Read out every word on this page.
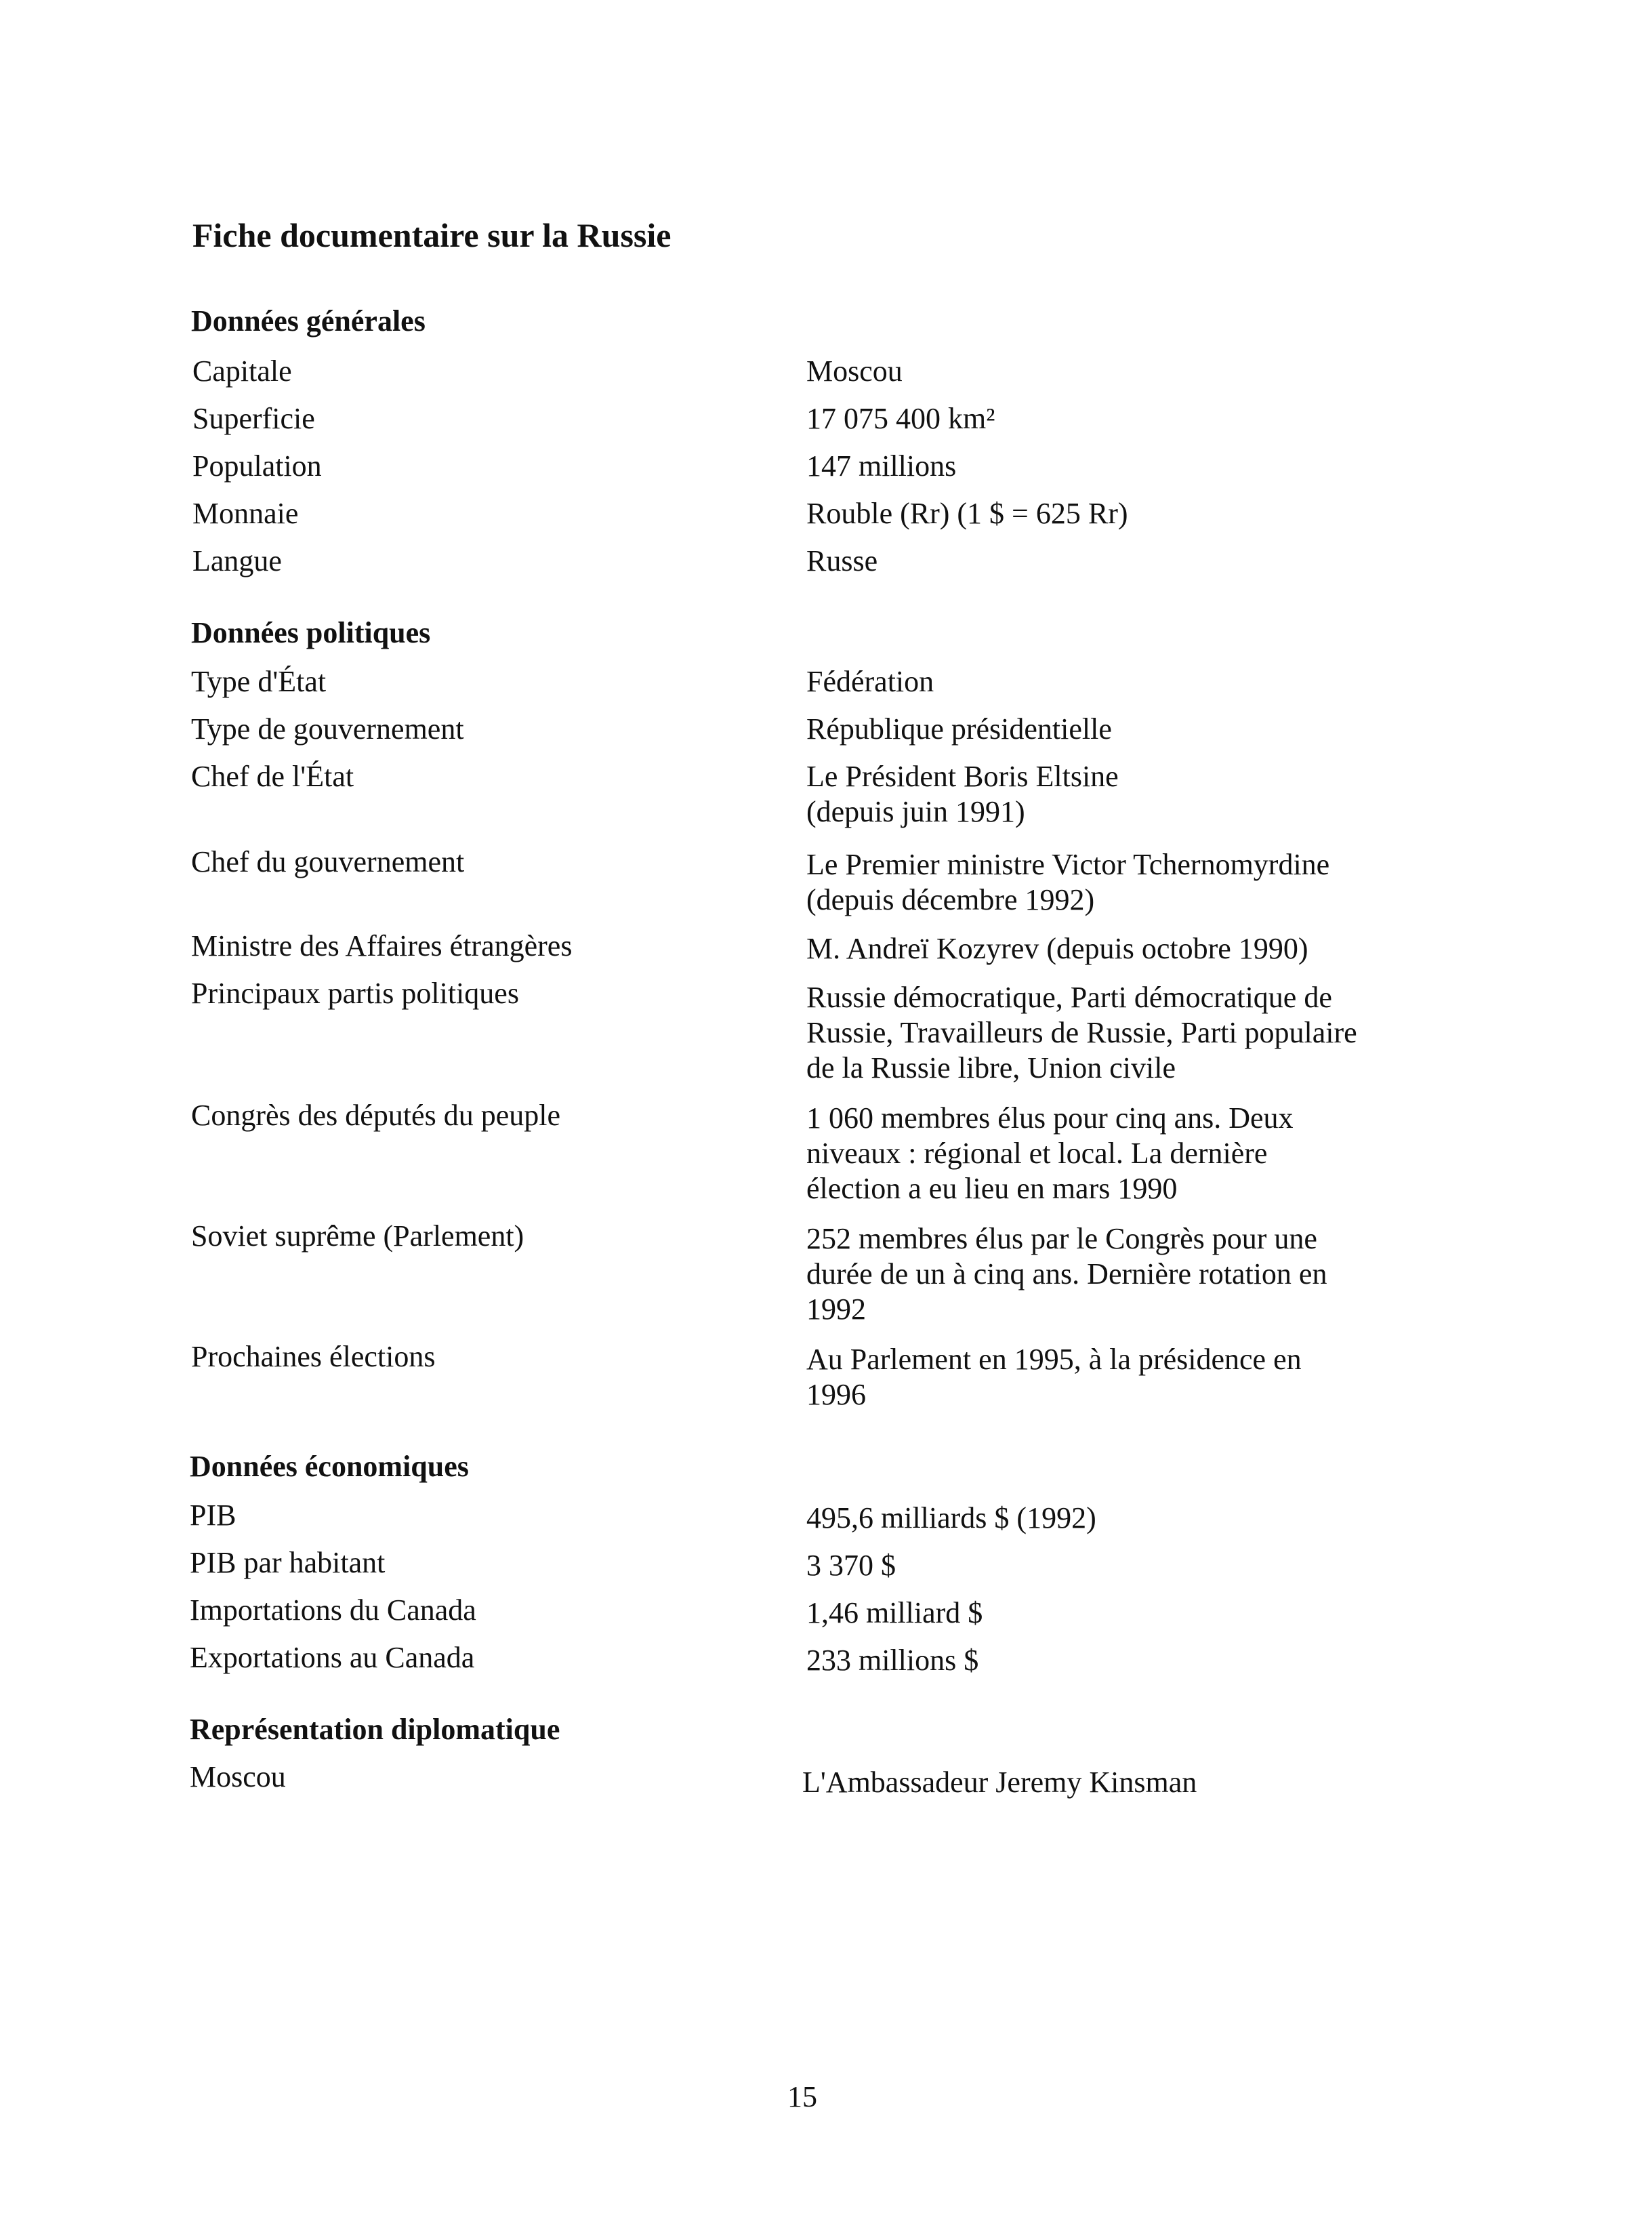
Fiche documentaire sur la Russie
Données générales
Capitale	Moscou
Superficie	17 075 400 km²
Population	147 millions
Monnaie	Rouble (Rr) (1 $ = 625 Rr)
Langue	Russe
Données politiques
Type d'État	Fédération
Type de gouvernement	République présidentielle
Chef de l'État	Le Président Boris Eltsine
(depuis juin 1991)
Chef du gouvernement	Le Premier ministre Victor Tchernomyrdine
(depuis décembre 1992)
Ministre des Affaires étrangères	M. Andreï Kozyrev (depuis octobre 1990)
Principaux partis politiques	Russie démocratique, Parti démocratique de
Russie, Travailleurs de Russie, Parti populaire
de la Russie libre, Union civile
Congrès des députés du peuple	1 060 membres élus pour cinq ans. Deux
niveaux : régional et local. La dernière
élection a eu lieu en mars 1990
Soviet suprême (Parlement)	252 membres élus par le Congrès pour une
durée de un à cinq ans. Dernière rotation en
1992
Prochaines élections	Au Parlement en 1995, à la présidence en
1996
Données économiques
PIB	495,6 milliards $ (1992)
PIB par habitant	3 370 $
Importations du Canada	1,46 milliard $
Exportations au Canada	233 millions $
Représentation diplomatique
Moscou	L'Ambassadeur Jeremy Kinsman
15
